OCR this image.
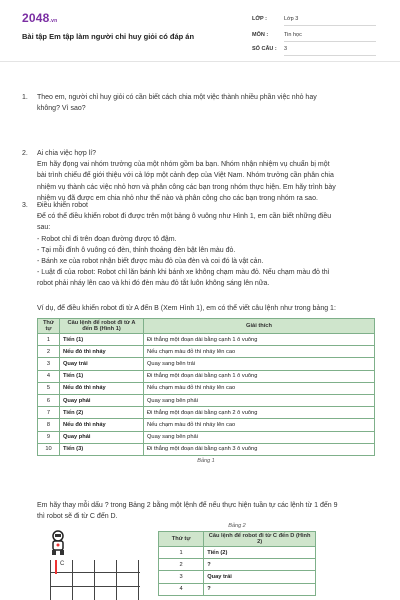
2048.vn
Bài tập Em tập làm người chỉ huy giỏi có đáp án
LỚP :	Lớp 3
MÔN :	Tin học
SỐ CÂU : 3
1. Theo em, người chỉ huy giỏi có cần biết cách chia một việc thành nhiều phần việc nhỏ hay
không? Vì sao?
2. Ai chia việc hợp lí?
Em hãy đọng vai nhóm trưởng của một nhóm gồm ba bạn. Nhóm nhận nhiệm vụ chuẩn bị một
bài trình chiếu để giới thiệu với cả lớp một cảnh đẹp của Việt Nam. Nhóm trưởng cần phân chia
nhiệm vụ thành các việc nhỏ hơn và phân công các bạn trong nhóm thực hiện. Em hãy trình bày
nhiệm vụ đã được em chia nhỏ như thế nào và phân công cho các bạn trong nhóm ra sao.
3. Điều khiển robot
Để có thể điều khiển robot đi được trên một bảng ô vuông như Hình 1, em cần biết những điều
sau:
- Robot chỉ đi trên đoạn đường được tô đậm.
- Tại mỗi đỉnh ô vuông có đèn, thỉnh thoảng đèn bật lên màu đỏ.
- Bánh xe của robot nhận biết được màu đỏ của đèn và coi đó là vật cản.
- Luật đi của robot: Robot chỉ lăn bánh khi bánh xe không chạm màu đỏ. Nếu chạm màu đỏ thì
robot phải nháy lên cao và khi đó đèn màu đỏ tắt luôn không sáng lên nữa.
Ví dụ, để điều khiển robot đi từ A đến B (Xem Hình 1), em có thể viết câu lệnh như trong bảng 1:
Thứ tự	Câu lệnh để robot đi từ A đến B (Hình 1)	Giải thích
1	Tiến (1)	Đi thẳng một đoạn dài bằng cạnh 1 ô vuông
2	Nếu đỏ thì nháy	Nếu chạm màu đỏ thì nháy lên cao
3	Quay trái	Quay sang bên trái
4	Tiến (1)	Đi thẳng một đoạn dài bằng cạnh 1 ô vuông
5	Nếu đỏ thì nháy	Nếu chạm màu đỏ thì nháy lên cao
6	Quay phải	Quay sang bên phải
7	Tiến (2)	Đi thẳng một đoạn dài bằng cạnh 2 ô vuông
8	Nếu đỏ thì nháy	Nếu chạm màu đỏ thì nháy lên cao
9	Quay phải	Quay sang bên phải
10	Tiến (3)	Đi thẳng một đoạn dài bằng cạnh 3 ô vuông
Bảng 1
Em hãy thay mỗi dấu ? trong Bảng 2 bằng một lệnh để nếu thực hiện tuần tự các lệnh từ 1 đến 9
thì robot sẽ đi từ C đến D.
C
Bảng 2
Thứ tự	Câu lệnh để robot đi từ C đến D (Hình 2)
1	Tiến (2)
2	?
3	Quay trái
4	?
